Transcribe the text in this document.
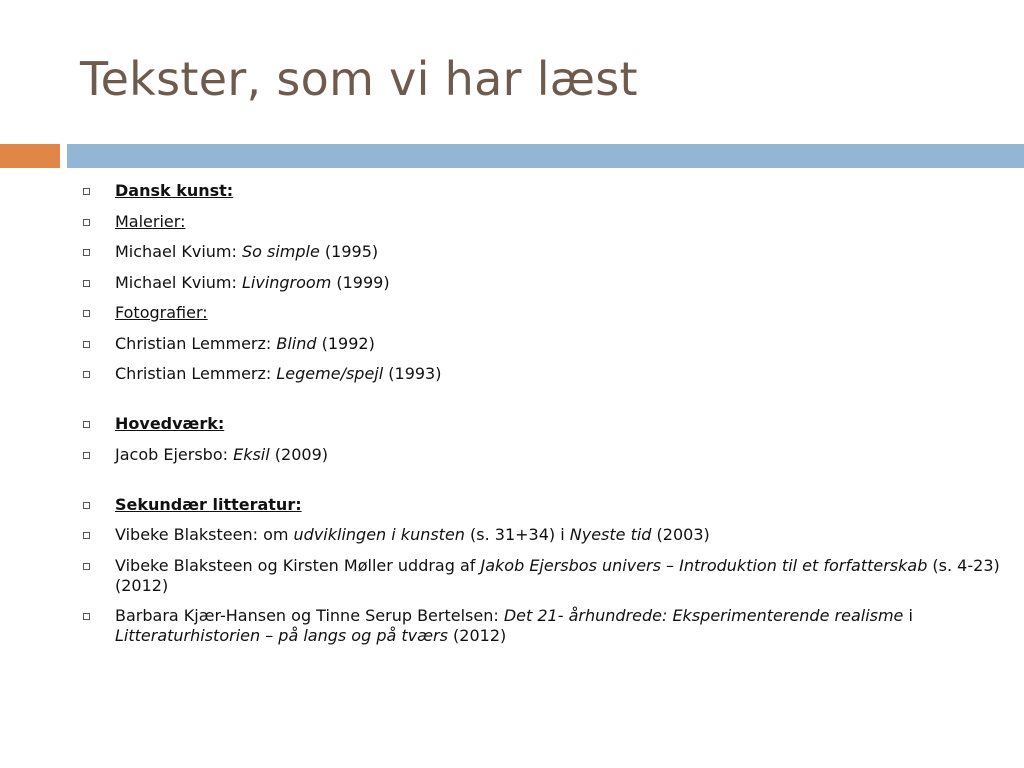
Tekster, som vi har læst
Dansk kunst:
Malerier:
Michael Kvium: So simple (1995)
Michael Kvium: Livingroom (1999)
Fotografier:
Christian Lemmerz: Blind (1992)
Christian Lemmerz: Legeme/spejl (1993)
Hovedværk:
Jacob Ejersbo: Eksil (2009)
Sekundær litteratur:
Vibeke Blaksteen: om udviklingen i kunsten (s. 31+34) i Nyeste tid (2003)
Vibeke Blaksteen og Kirsten Møller uddrag af Jakob Ejersbos univers – Introduktion til et forfatterskab (s. 4-23) (2012)
Barbara Kjær-Hansen og Tinne Serup Bertelsen: Det 21- århundrede: Eksperimenterende realisme i Litteraturhistorien – på langs og på tværs (2012)
